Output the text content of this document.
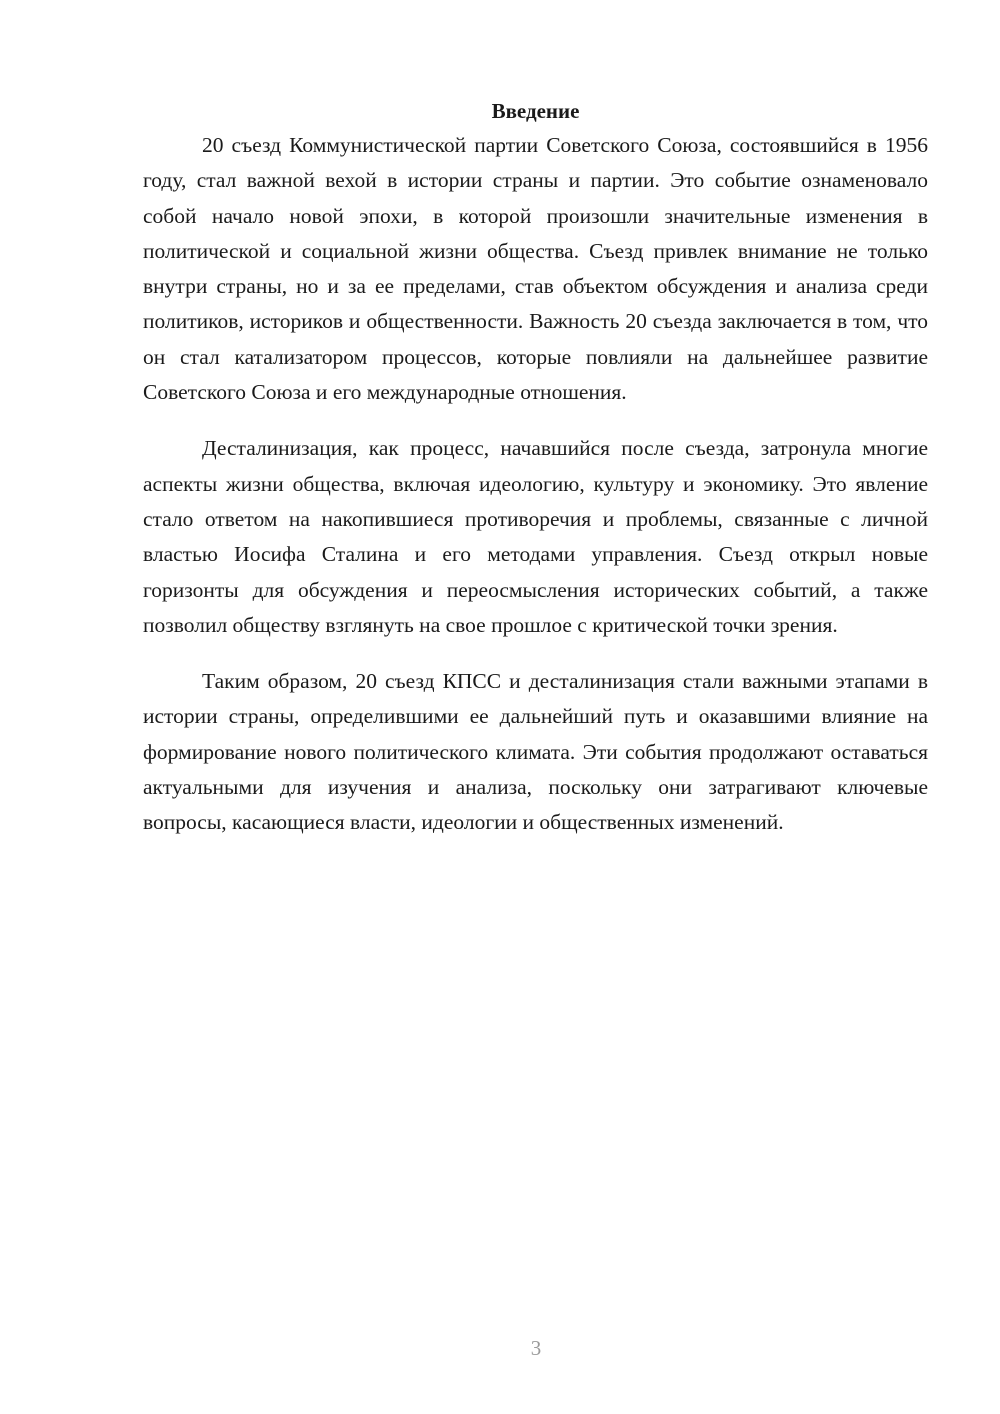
Введение

20 съезд Коммунистической партии Советского Союза, состоявшийся в 1956 году, стал важной вехой в истории страны и партии. Это событие ознаменовало собой начало новой эпохи, в которой произошли значительные изменения в политической и социальной жизни общества. Съезд привлек внимание не только внутри страны, но и за ее пределами, став объектом обсуждения и анализа среди политиков, историков и общественности. Важность 20 съезда заключается в том, что он стал катализатором процессов, которые повлияли на дальнейшее развитие Советского Союза и его международные отношения.

Десталинизация, как процесс, начавшийся после съезда, затронула многие аспекты жизни общества, включая идеологию, культуру и экономику. Это явление стало ответом на накопившиеся противоречия и проблемы, связанные с личной властью Иосифа Сталина и его методами управления. Съезд открыл новые горизонты для обсуждения и переосмысления исторических событий, а также позволил обществу взглянуть на свое прошлое с критической точки зрения.

Таким образом, 20 съезд КПСС и десталинизация стали важными этапами в истории страны, определившими ее дальнейший путь и оказавшими влияние на формирование нового политического климата. Эти события продолжают оставаться актуальными для изучения и анализа, поскольку они затрагивают ключевые вопросы, касающиеся власти, идеологии и общественных изменений.

3
